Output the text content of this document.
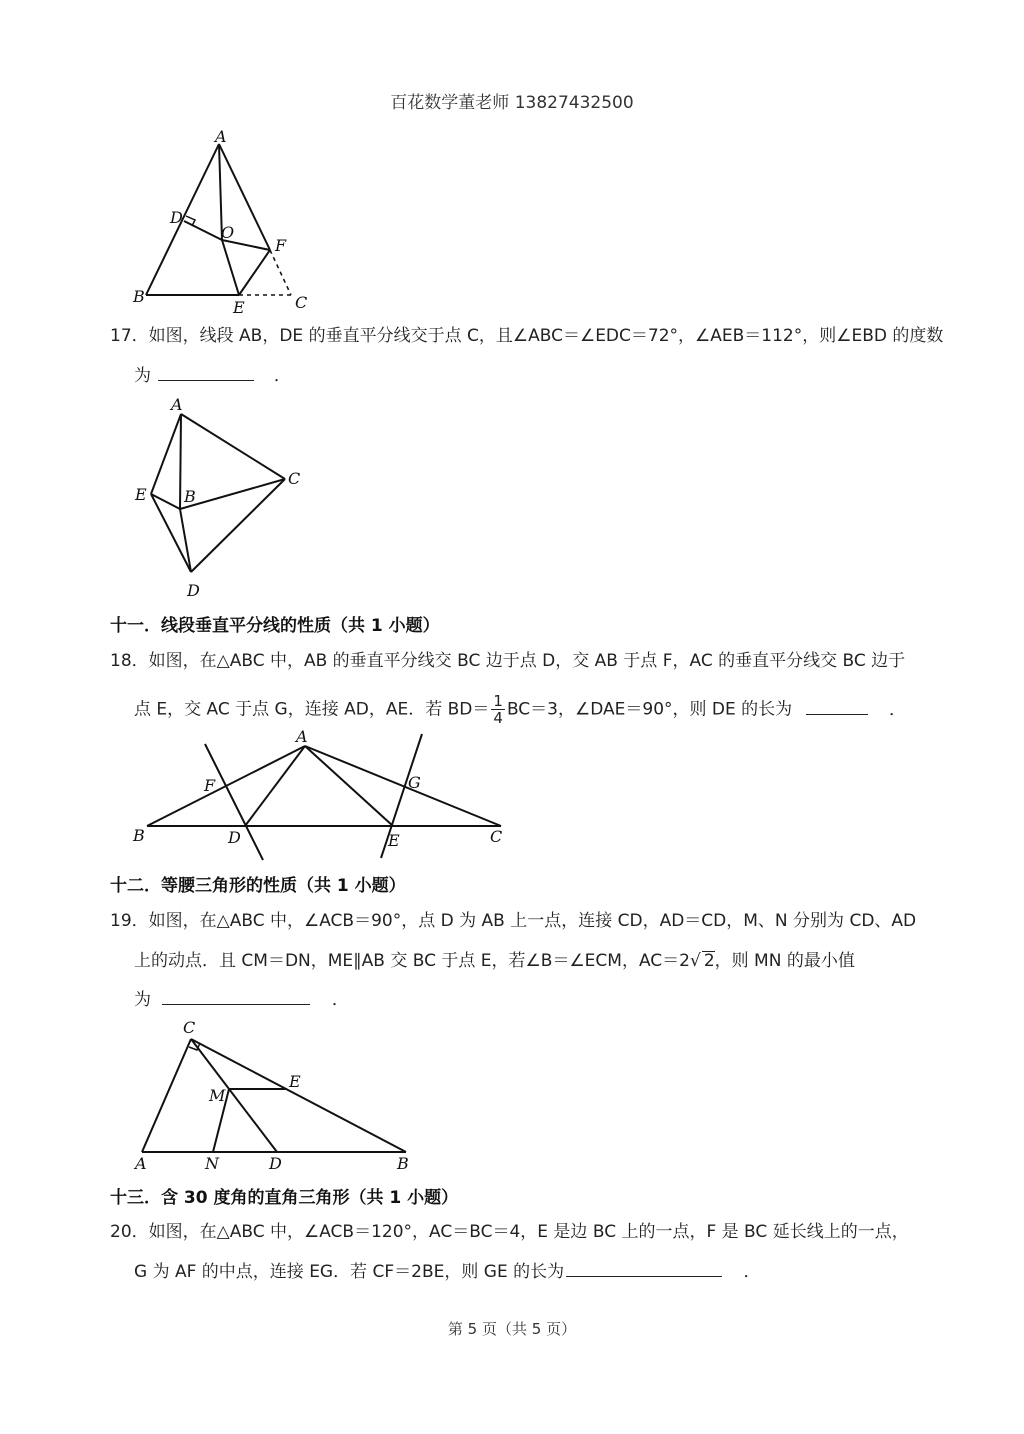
百花数学董老师 13827432500
A
B	C
D
E
F
O
17．如图，线段 AB，DE 的垂直平分线交于点 C，且∠ABC＝∠EDC＝72°，∠AEB＝112°，则∠EBD 的度数
为	．
A
B
C
D
E
十一．线段垂直平分线的性质（共 1 小题）
18．如图，在△ABC 中，AB 的垂直平分线交 BC 边于点 D，交 AB 于点 F，AC 的垂直平分线交 BC 边于
点 E，交 AC 于点 G，连接 AD，AE．若 $BD= \frac{1}{4} BC=3$，∠DAE＝90°，则 DE 的长为	．
A
B	C
D	E
F	G
十二．等腰三角形的性质（共 1 小题）
19．如图，在△ABC 中，∠ACB＝90°，点 D 为 AB 上一点，连接 CD，AD＝CD，M、N 分别为 CD、AD
上的动点．且 CM＝DN，ME∥AB 交 BC 于点 E，若∠B＝∠ECM，AC＝2√ 2，则 MN 的最小值
为	．
A	B
C
D
E
M
N
十三．含 30 度角的直角三角形（共 1 小题）
20．如图，在△ABC 中，∠ACB＝120°，AC＝BC＝4，E 是边 BC 上的一点，F 是 BC 延长线上的一点，
G 为 AF 的中点，连接 EG．若 CF＝2BE，则 GE 的长为	．
第 5 页（共 5 页）
